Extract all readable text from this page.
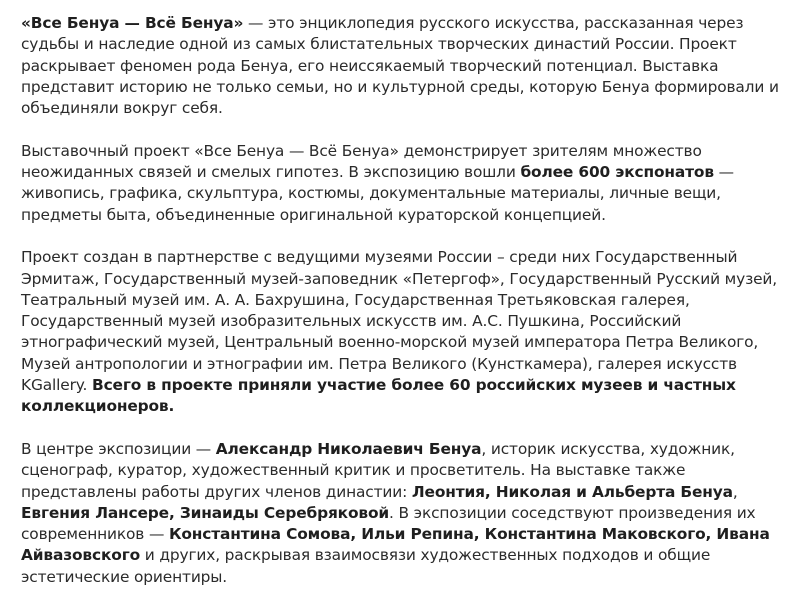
«Все Бенуа — Всё Бенуа» — это энциклопедия русского искусства, рассказанная через
судьбы и наследие одной из самых блистательных творческих династий России. Проект
раскрывает феномен рода Бенуа, его неиссякаемый творческий потенциал. Выставка
представит историю не только семьи, но и культурной среды, которую Бенуа формировали и
объединяли вокруг себя.

Выставочный проект «Все Бенуа — Всё Бенуа» демонстрирует зрителям множество
неожиданных связей и смелых гипотез. В экспозицию вошли более 600 экспонатов —
живопись, графика, скульптура, костюмы, документальные материалы, личные вещи,
предметы быта, объединенные оригинальной кураторской концепцией.

Проект создан в партнерстве с ведущими музеями России – среди них Государственный
Эрмитаж, Государственный музей-заповедник «Петергоф», Государственный Русский музей,
Театральный музей им. А. А. Бахрушина, Государственная Третьяковская галерея,
Государственный музей изобразительных искусств им. А.С. Пушкина, Российский
этнографический музей, Центральный военно-морской музей императора Петра Великого,
Музей антропологии и этнографии им. Петра Великого (Кунсткамера), галерея искусств
KGallery. Всего в проекте приняли участие более 60 российских музеев и частных
коллекционеров.

В центре экспозиции — Александр Николаевич Бенуа, историк искусства, художник,
сценограф, куратор, художественный критик и просветитель. На выставке также
представлены работы других членов династии: Леонтия, Николая и Альберта Бенуа,
Евгения Лансере, Зинаиды Серебряковой. В экспозиции соседствуют произведения их
современников — Константина Сомова, Ильи Репина, Константина Маковского, Ивана
Айвазовского и других, раскрывая взаимосвязи художественных подходов и общие
эстетические ориентиры.
